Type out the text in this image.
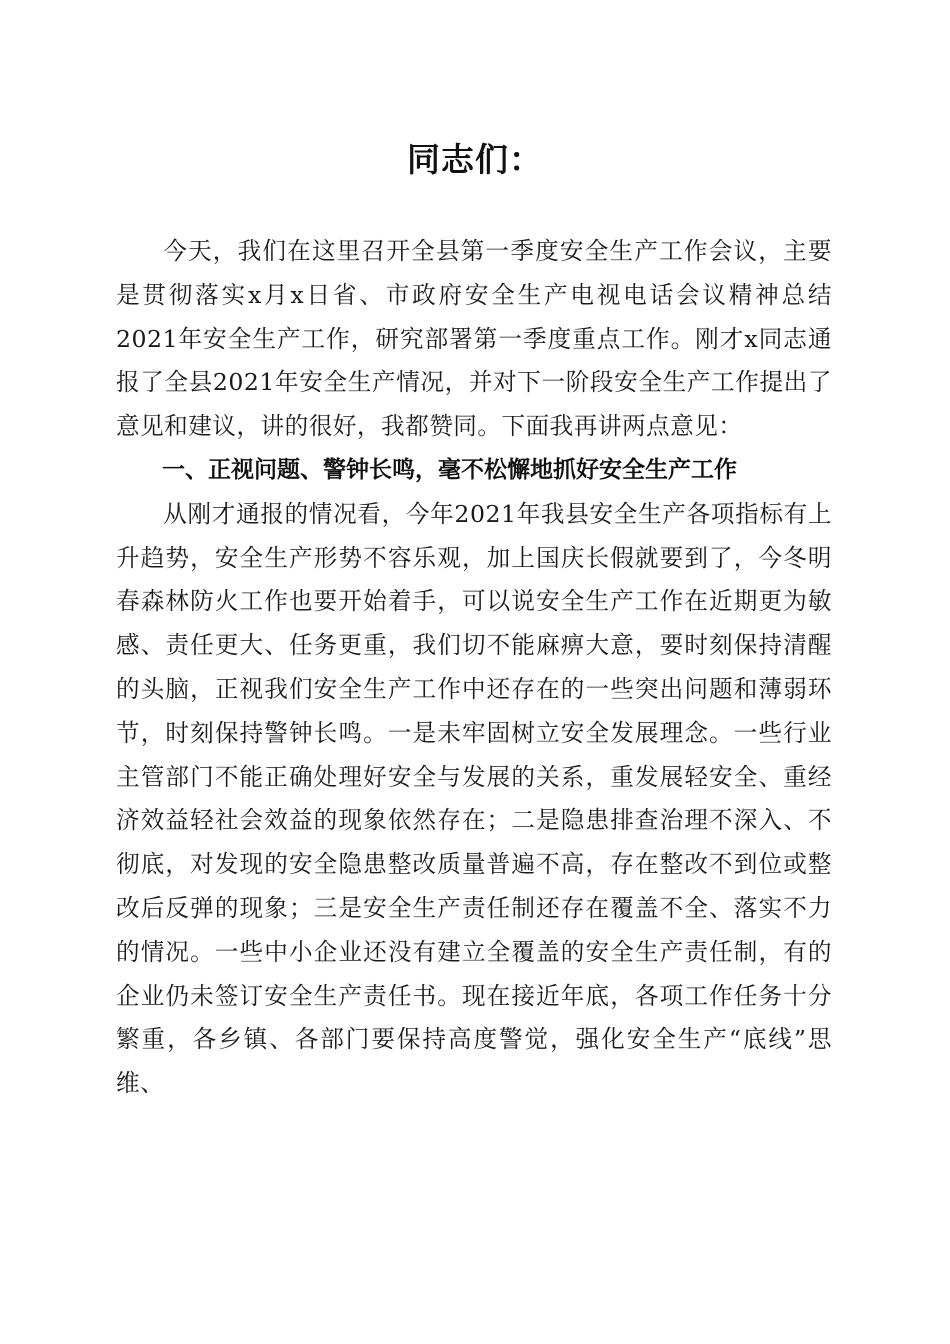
同志们：

今天，我们在这里召开全县第一季度安全生产工作会议，主要是贯彻落实x月x日省、市政府安全生产电视电话会议精神总结2021年安全生产工作，研究部署第一季度重点工作。刚才x同志通报了全县2021年安全生产情况，并对下一阶段安全生产工作提出了意见和建议，讲的很好，我都赞同。下面我再讲两点意见：

一、正视问题、警钟长鸣，毫不松懈地抓好安全生产工作

从刚才通报的情况看，今年2021年我县安全生产各项指标有上升趋势，安全生产形势不容乐观，加上国庆长假就要到了，今冬明春森林防火工作也要开始着手，可以说安全生产工作在近期更为敏感、责任更大、任务更重，我们切不能麻痹大意，要时刻保持清醒的头脑，正视我们安全生产工作中还存在的一些突出问题和薄弱环节，时刻保持警钟长鸣。一是未牢固树立安全发展理念。一些行业主管部门不能正确处理好安全与发展的关系，重发展轻安全、重经济效益轻社会效益的现象依然存在；二是隐患排查治理不深入、不彻底，对发现的安全隐患整改质量普遍不高，存在整改不到位或整改后反弹的现象；三是安全生产责任制还存在覆盖不全、落实不力的情况。一些中小企业还没有建立全覆盖的安全生产责任制，有的企业仍未签订安全生产责任书。现在接近年底，各项工作任务十分繁重，各乡镇、各部门要保持高度警觉，强化安全生产“底线”思维、
